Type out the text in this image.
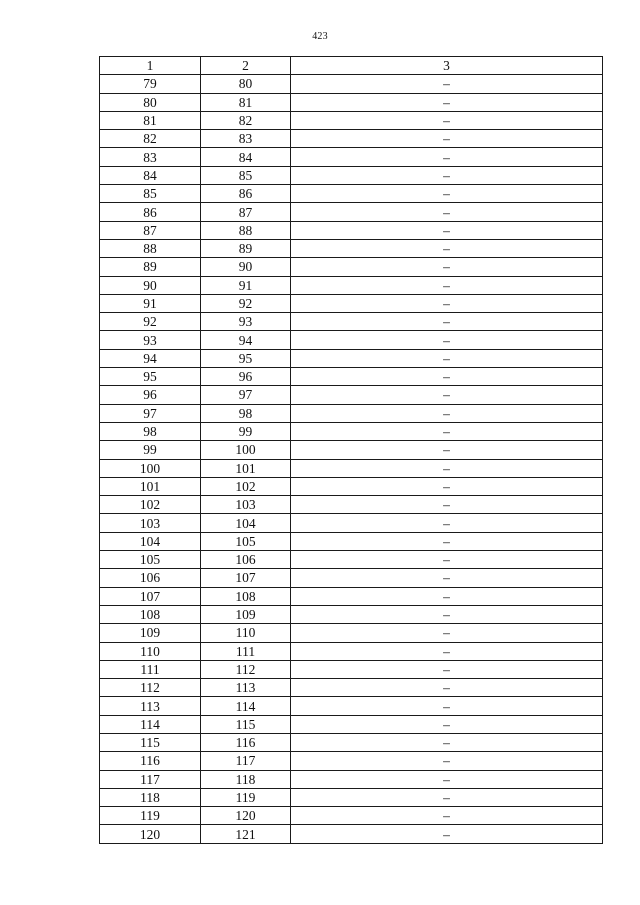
423
1	2	3
79	80	–
80	81	–
81	82	–
82	83	–
83	84	–
84	85	–
85	86	–
86	87	–
87	88	–
88	89	–
89	90	–
90	91	–
91	92	–
92	93	–
93	94	–
94	95	–
95	96	–
96	97	–
97	98	–
98	99	–
99	100	–
100	101	–
101	102	–
102	103	–
103	104	–
104	105	–
105	106	–
106	107	–
107	108	–
108	109	–
109	110	–
110	111	–
111	112	–
112	113	–
113	114	–
114	115	–
115	116	–
116	117	–
117	118	–
118	119	–
119	120	–
120	121	–
